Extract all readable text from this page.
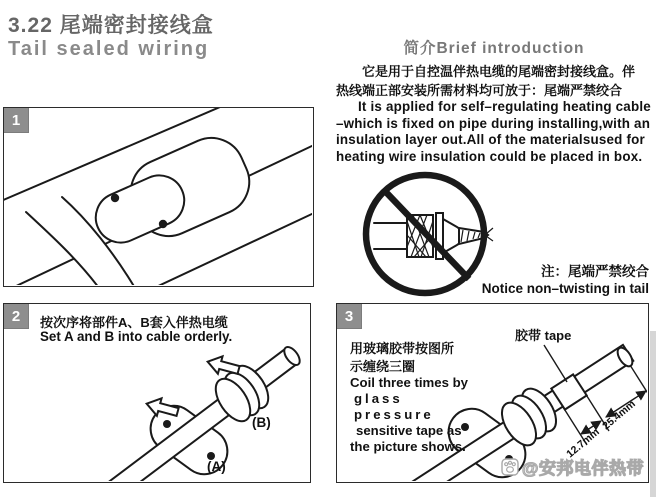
3.22 尾端密封接线盒
Tail sealed wiring	简介Brief introduction
它是用于自控温伴热电缆的尾端密封接线盒。伴
热线端正部安装所需材料均可放于：尾端严禁绞合
It is applied for self–regulating heating cable
–which is fixed on pipe during installing,with an
insulation layer out.All of the materialsused for
heating wire insulation could be placed in box.
注：尾端严禁绞合
Notice non–twisting in tail
1
(B)
(A)
2	按次序将部件A、B套入伴热电缆
Set A and B into cable orderly.	胶带 tape
12.7mm
25.4mm
3
用玻璃胶带按图所
示缠绕三圈
Coil three times by
glass pressure
sensitive tape as
the picture shows.
@安邦电伴热带
